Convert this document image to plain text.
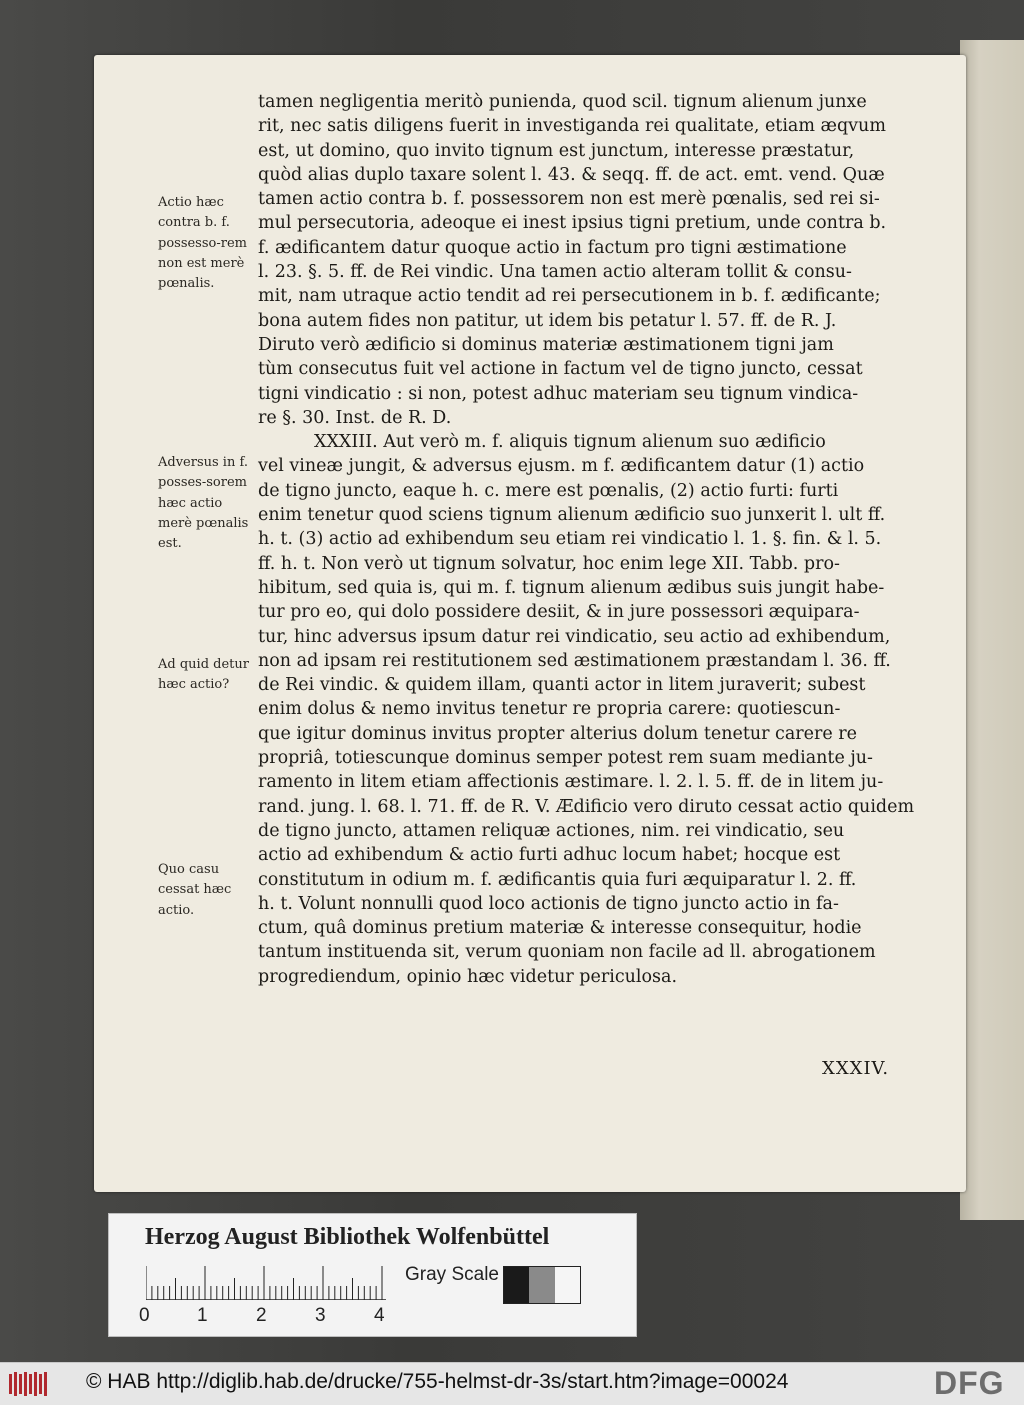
tamen negligentia meritò punienda, quod scil. tignum alienum junxe

rit, nec satis diligens fuerit in investiganda rei qualitate, etiam æqvum

est, ut domino, quo invito tignum est junctum, interesse præstatur,

quòd alias duplo taxare solent l. 43. & seqq. ff. de act. emt. vend. Quæ

tamen actio contra b. f. possessorem non est merè pœnalis, sed rei si-

mul persecutoria, adeoque ei inest ipsius tigni pretium, unde contra b.

f. ædificantem datur quoque actio in factum pro tigni æstimatione

l. 23. §. 5. ff. de Rei vindic. Una tamen actio alteram tollit & consu-

mit, nam utraque actio tendit ad rei persecutionem in b. f. ædificante;

bona autem fides non patitur, ut idem bis petatur l. 57. ff. de R. J.

Diruto verò ædificio si dominus materiæ æstimationem tigni jam

tùm consecutus fuit vel actione in factum vel de tigno juncto, cessat

tigni vindicatio : si non, potest adhuc materiam seu tignum vindica-

re §. 30. Inst. de R. D.

XXXIII. Aut verò m. f. aliquis tignum alienum suo ædificio

vel vineæ jungit, & adversus ejusm. m f. ædificantem datur (1) actio

de tigno juncto, eaque h. c. mere est pœnalis, (2) actio furti: furti

enim tenetur quod sciens tignum alienum ædificio suo junxerit l. ult ff.

h. t. (3) actio ad exhibendum seu etiam rei vindicatio l. 1. §. fin. & l. 5.

ff. h. t. Non verò ut tignum solvatur, hoc enim lege XII. Tabb. pro-

hibitum, sed quia is, qui m. f. tignum alienum ædibus suis jungit habe-

tur pro eo, qui dolo possidere desiit, & in jure possessori æquipara-

tur, hinc adversus ipsum datur rei vindicatio, seu actio ad exhibendum,

non ad ipsam rei restitutionem sed æstimationem præstandam l. 36. ff.

de Rei vindic. & quidem illam, quanti actor in litem juraverit; subest

enim dolus & nemo invitus tenetur re propria carere: quotiescun-

que igitur dominus invitus propter alterius dolum tenetur carere re

propriâ, totiescunque dominus semper potest rem suam mediante ju-

ramento in litem etiam affectionis æstimare. l. 2. l. 5. ff. de in litem ju-

rand. jung. l. 68. l. 71. ff. de R. V. Ædificio vero diruto cessat actio quidem

de tigno juncto, attamen reliquæ actiones, nim. rei vindicatio, seu

actio ad exhibendum & actio furti adhuc locum habet; hocque est

constitutum in odium m. f. ædificantis quia furi æquiparatur l. 2. ff.

h. t. Volunt nonnulli quod loco actionis de tigno juncto actio in fa-

ctum, quâ dominus pretium materiæ & interesse consequitur, hodie

tantum instituenda sit, verum quoniam non facile ad ll. abrogationem

progrediendum, opinio hæc videtur periculosa.

XXXIV.

Actio hæc contra b. f. possesso-rem non est merè pœnalis.

Adversus in f. posses-sorem hæc actio merè pœnalis est.

Ad quid detur hæc actio?

Quo casu cessat hæc actio.

Herzog August Bibliothek Wolfenbüttel
0 1	2	3	4
Gray Scale
© HAB http://diglib.hab.de/drucke/755-helmst-dr-3s/start.htm?image=00024	DFG
